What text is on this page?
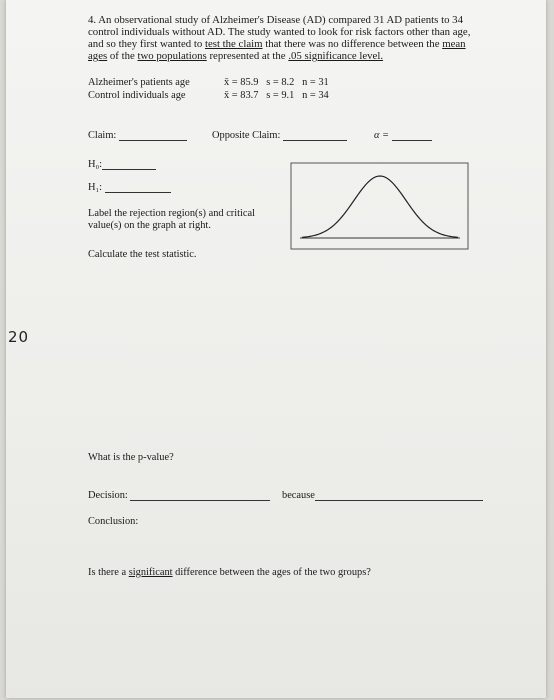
4. An observational study of Alzheimer's Disease (AD) compared 31 AD patients to 34
control individuals without AD. The study wanted to look for risk factors other than age,
and so they first wanted to test the claim that there was no difference between the mean
ages of the two populations represented at the .05 significance level.
Alzheimer's patients age	x̄ = 85.9   s = 8.2   n = 31
Control individuals age	x̄ = 83.7   s = 9.1   n = 34
Claim:	Opposite Claim:	α =
H₀:
H₁:
Label the rejection region(s) and critical
value(s) on the graph at right.
Calculate the test statistic.
20
What is the p-value?
Decision:	because
Conclusion:
Is there a significant difference between the ages of the two groups?
